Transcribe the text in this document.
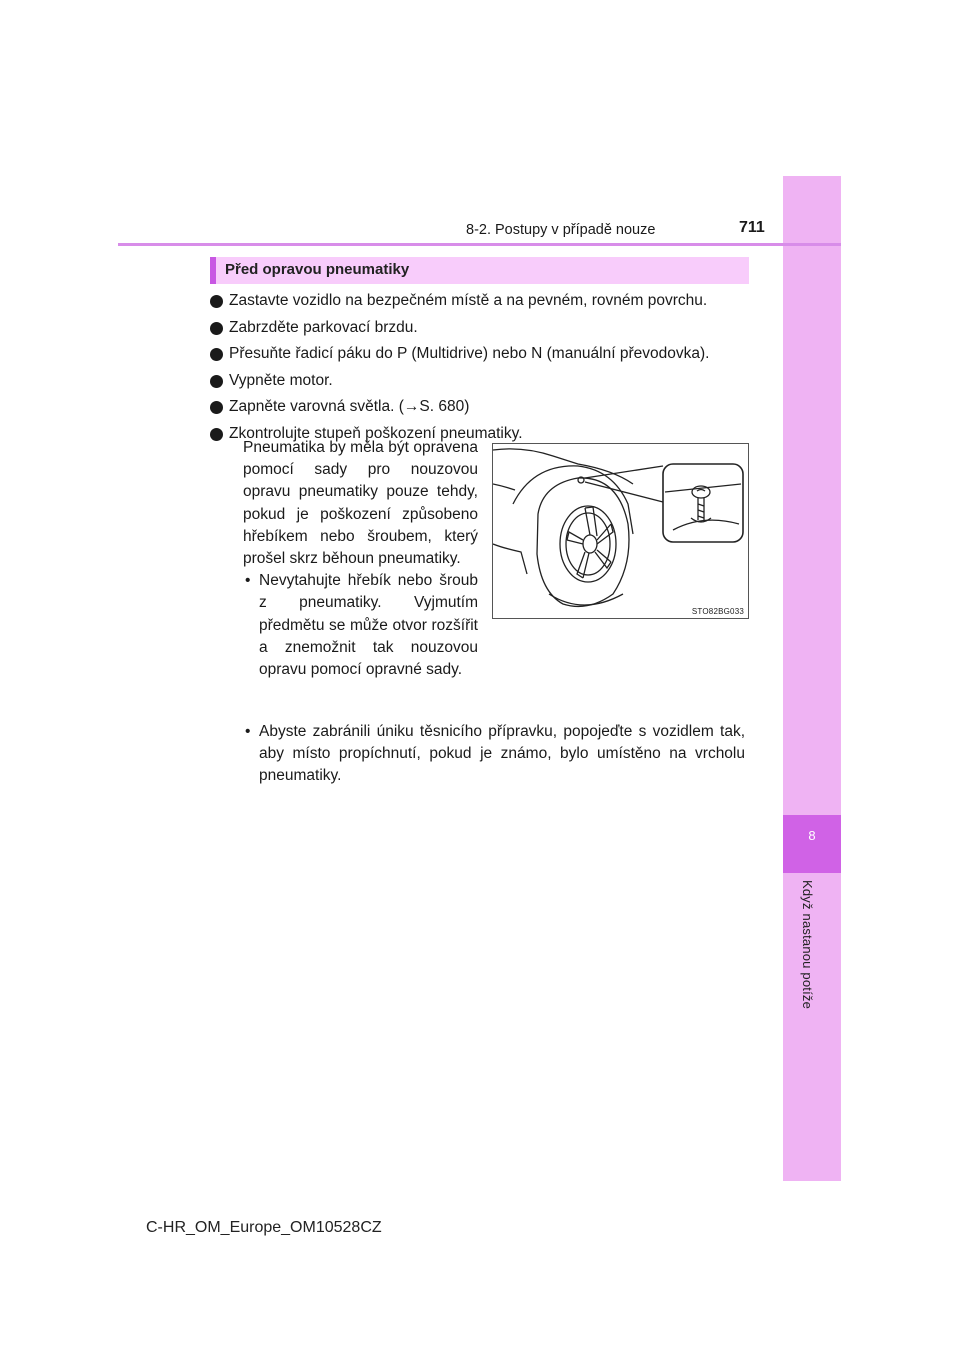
8
Když nastanou potíže
8-2. Postupy v případě nouze	711
Před opravou pneumatiky
Zastavte vozidlo na bezpečném místě a na pevném, rovném povrchu.
Zabrzděte parkovací brzdu.
Přesuňte řadicí páku do P (Multidrive) nebo N (manuální převodovka).
Vypněte motor.
Zapněte varovná světla. (→S. 680)
Zkontrolujte stupeň poškození pneumatiky.
Pneumatika by měla být opravena pomocí sady pro nouzovou opravu pneumatiky pouze tehdy, pokud je poškození způsobeno hřebíkem nebo šroubem, který prošel skrz běhoun pneumatiky.
• Nevytahujte hřebík nebo šroub z pneumatiky. Vyjmutím předmětu se může otvor rozšířit a znemožnit tak nouzovou opravu pomocí opravné sady.
• Abyste zabránili úniku těsnicího přípravku, popojeďte s vozidlem tak, aby místo propíchnutí, pokud je známo, bylo umístěno na vrcholu pneumatiky.
STO82BG033
C-HR_OM_Europe_OM10528CZ
